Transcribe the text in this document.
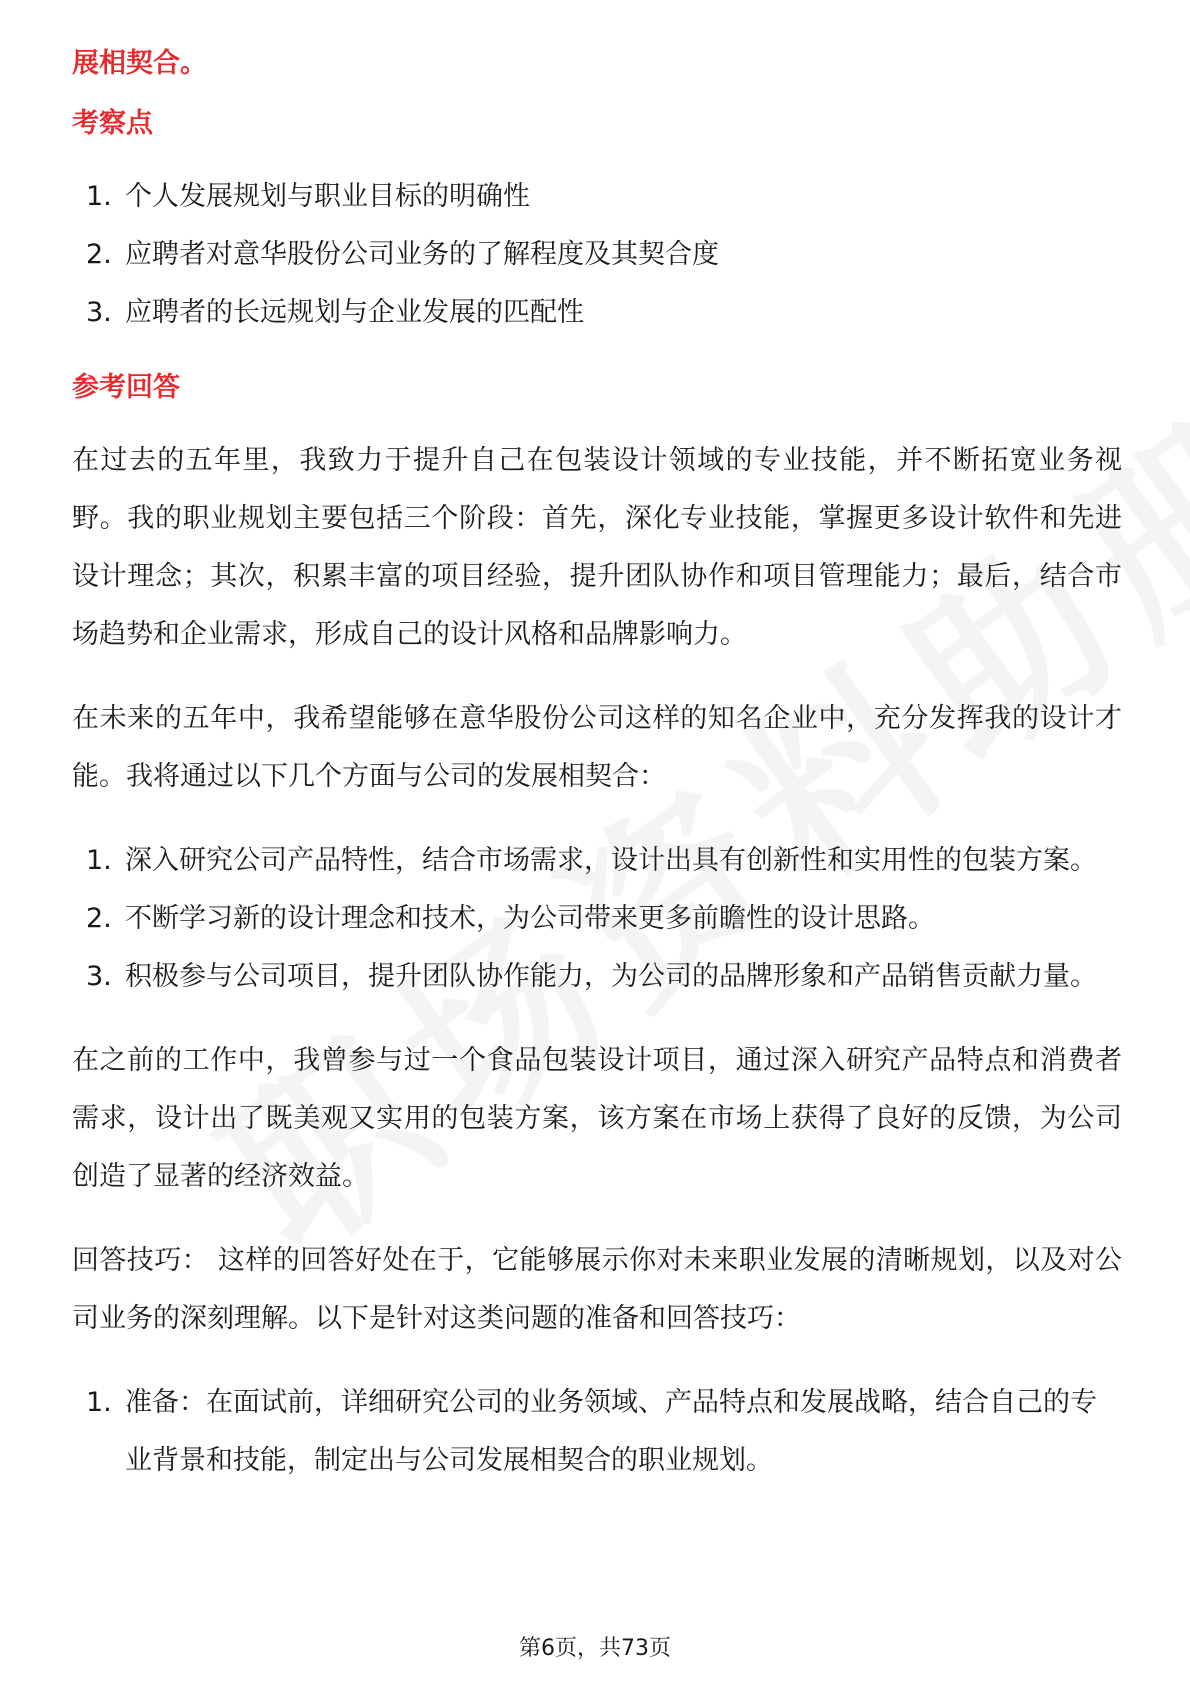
展相契合。

考察点
1. 个人发展规划与职业目标的明确性
2. 应聘者对意华股份公司业务的了解程度及其契合度
3. 应聘者的长远规划与企业发展的匹配性
参考回答

在过去的五年里，我致力于提升自己在包装设计领域的专业技能，并不断拓宽业务视野。我的职业规划主要包括三个阶段：首先，深化专业技能，掌握更多设计软件和先进设计理念；其次，积累丰富的项目经验，提升团队协作和项目管理能力；最后，结合市场趋势和企业需求，形成自己的设计风格和品牌影响力。

在未来的五年中，我希望能够在意华股份公司这样的知名企业中，充分发挥我的设计才能。我将通过以下几个方面与公司的发展相契合：

1. 深入研究公司产品特性，结合市场需求，设计出具有创新性和实用性的包装方案。
2. 不断学习新的设计理念和技术，为公司带来更多前瞻性的设计思路。
3. 积极参与公司项目，提升团队协作能力，为公司的品牌形象和产品销售贡献力量。

在之前的工作中，我曾参与过一个食品包装设计项目，通过深入研究产品特点和消费者需求，设计出了既美观又实用的包装方案，该方案在市场上获得了良好的反馈，为公司创造了显著的经济效益。

回答技巧： 这样的回答好处在于，它能够展示你对未来职业发展的清晰规划，以及对公司业务的深刻理解。以下是针对这类问题的准备和回答技巧：

1. 准备：在面试前，详细研究公司的业务领域、产品特点和发展战略，结合自己的专业背景和技能，制定出与公司发展相契合的职业规划。
第6页，共73页
